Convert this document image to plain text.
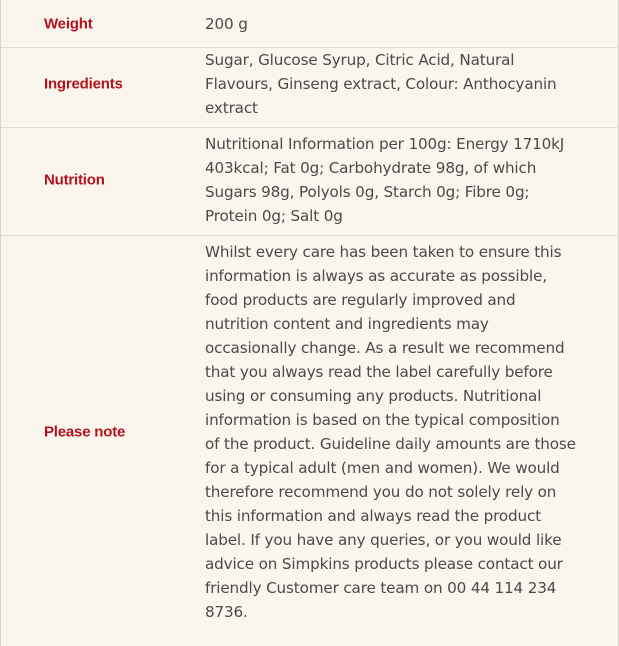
Weight	200 g
Ingredients
Sugar, Glucose Syrup, Citric Acid, Natural Flavours, Ginseng extract, Colour: Anthocyanin extract
Nutrition
Nutritional Information per 100g: Energy 1710kJ 403kcal; Fat 0g; Carbohydrate 98g, of which Sugars 98g, Polyols 0g, Starch 0g; Fibre 0g; Protein 0g; Salt 0g
Please note
Whilst every care has been taken to ensure this information is always as accurate as possible, food products are regularly improved and nutrition content and ingredients may occasionally change. As a result we recommend that you always read the label carefully before using or consuming any products. Nutritional information is based on the typical composition of the product. Guideline daily amounts are those for a typical adult (men and women). We would therefore recommend you do not solely rely on this information and always read the product label. If you have any queries, or you would like advice on Simpkins products please contact our friendly Customer care team on 00 44 114 234 8736.
